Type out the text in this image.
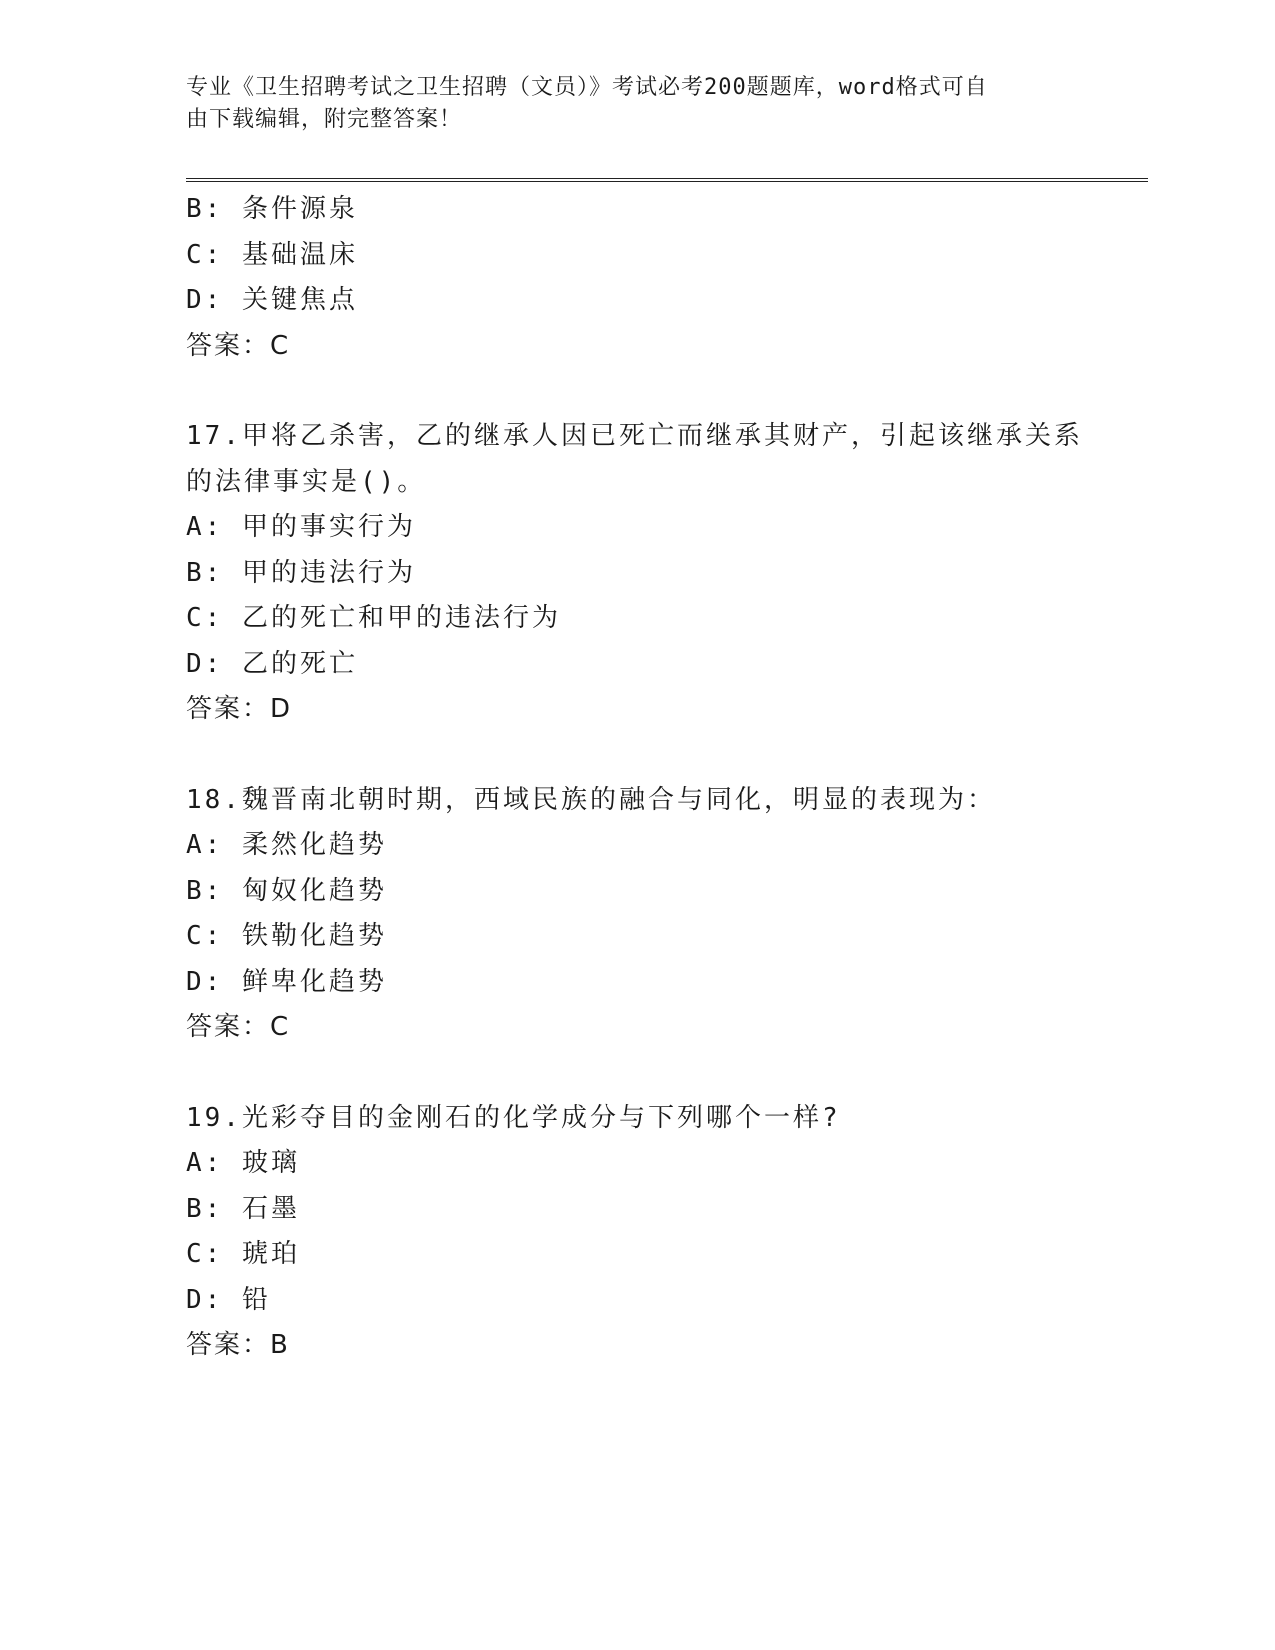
专业《卫生招聘考试之卫生招聘（文员）》考试必考200题题库，word格式可自
由下载编辑，附完整答案！
B: 条件源泉
C: 基础温床
D: 关键焦点
答案：C
17.甲将乙杀害，乙的继承人因已死亡而继承其财产，引起该继承关系
的法律事实是()。
A: 甲的事实行为
B: 甲的违法行为
C: 乙的死亡和甲的违法行为
D: 乙的死亡
答案：D
18.魏晋南北朝时期，西域民族的融合与同化，明显的表现为：
A: 柔然化趋势
B: 匈奴化趋势
C: 铁勒化趋势
D: 鲜卑化趋势
答案：C
19.光彩夺目的金刚石的化学成分与下列哪个一样?
A: 玻璃
B: 石墨
C: 琥珀
D: 铅
答案：B
